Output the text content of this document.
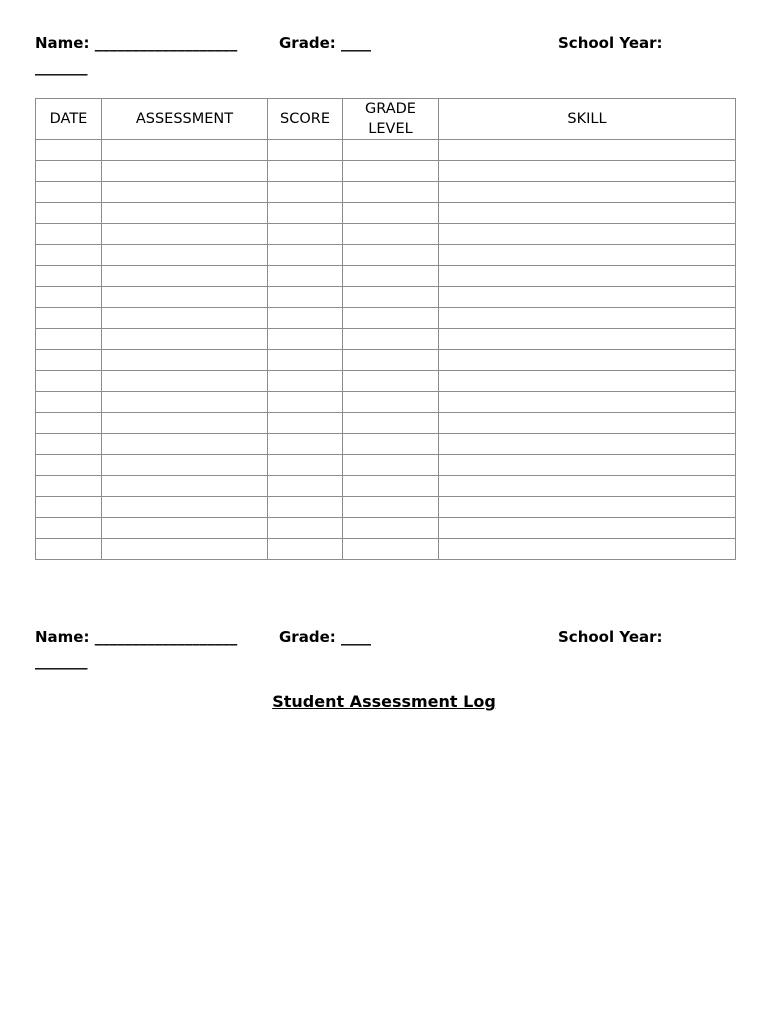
Name: ___________________	Grade: ____	School Year:
_______
DATE	ASSESSMENT	SCORE	GRADE LEVEL	SKILL

Name: ___________________	Grade: ____	School Year:
_______
Student Assessment Log
